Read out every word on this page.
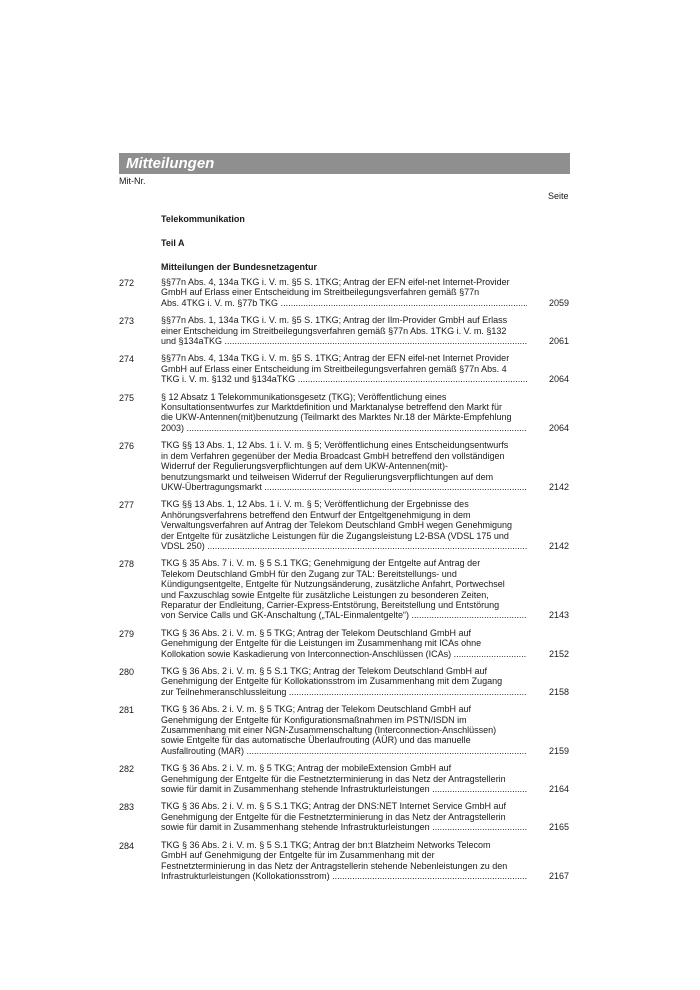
Mitteilungen
Mit-Nr.
Seite
Telekommunikation
Teil A
Mitteilungen der Bundesnetzagentur
272	§§77n Abs. 4, 134a TKG i. V. m. §5 S. 1TKG; Antrag der EFN eifel-net Internet-Provider
GmbH auf Erlass einer Entscheidung im Streitbeilegungsverfahren gemäß §77n
Abs. 4TKG i. V. m. §77b TKG .....	2059
273	§§77n Abs. 1, 134a TKG i. V. m. §5 S. 1TKG; Antrag der Ilm-Provider GmbH auf Erlass
einer Entscheidung im Streitbeilegungsverfahren gemäß §77n Abs. 1TKG i. V. m. §132
und §134aTKG .....	2061
274	§§77n Abs. 4, 134a TKG i. V. m. §5 S. 1TKG; Antrag der EFN eifel-net Internet Provider
GmbH auf Erlass einer Entscheidung im Streitbeilegungsverfahren gemäß §77n Abs. 4
TKG i. V. m. §132 und §134aTKG .....	2064
275	§ 12 Absatz 1 Telekommunikationsgesetz (TKG); Veröffentlichung eines
Konsultationsentwurfes zur Marktdefinition und Marktanalyse betreffend den Markt für
die UKW-Antennen(mit)benutzung (Teilmarkt des Marktes Nr.18 der Märkte-Empfehlung
2003) .....	2064
276	TKG §§ 13 Abs. 1, 12 Abs. 1 i. V. m. § 5; Veröffentlichung eines Entscheidungsentwurfs
in dem Verfahren gegenüber der Media Broadcast GmbH betreffend den vollständigen
Widerruf der Regulierungsverpflichtungen auf dem UKW-Antennen(mit)-
benutzungsmarkt und teilweisen Widerruf der Regulierungsverpflichtungen auf dem
UKW-Übertragungsmarkt .....	2142
277	TKG §§ 13 Abs. 1, 12 Abs. 1 i. V. m. § 5; Veröffentlichung der Ergebnisse des
Anhörungsverfahrens betreffend den Entwurf der Entgeltgenehmigung in dem
Verwaltungsverfahren auf Antrag der Telekom Deutschland GmbH wegen Genehmigung
der Entgelte für zusätzliche Leistungen für die Zugangsleistung L2-BSA (VDSL 175 und
VDSL 250) .....	2142
278	TKG § 35 Abs. 7 i. V. m. § 5 S.1 TKG; Genehmigung der Entgelte auf Antrag der
Telekom Deutschland GmbH für den Zugang zur TAL: Bereitstellungs- und
Kündigungsentgelte, Entgelte für Nutzungsänderung, zusätzliche Anfahrt, Portwechsel
und Faxzuschlag sowie Entgelte für zusätzliche Leistungen zu besonderen Zeiten,
Reparatur der Endleitung, Carrier-Express-Entstörung, Bereitstellung und Entstörung
von Service Calls und GK-Anschaltung („TAL-Einmalentgelte“) .....	2143
279	TKG § 36 Abs. 2 i. V. m. § 5 TKG; Antrag der Telekom Deutschland GmbH auf
Genehmigung der Entgelte für die Leistungen im Zusammenhang mit ICAs ohne
Kollokation sowie Kaskadierung von Interconnection-Anschlüssen (ICAs) .....	2152
280	TKG § 36 Abs. 2 i. V. m. § 5 S.1 TKG; Antrag der Telekom Deutschland GmbH auf
Genehmigung der Entgelte für Kollokationsstrom im Zusammenhang mit dem Zugang
zur Teilnehmeranschlussleitung .....	2158
281	TKG § 36 Abs. 2 i. V. m. § 5 TKG; Antrag der Telekom Deutschland GmbH auf
Genehmigung der Entgelte für Konfigurationsmaßnahmen im PSTN/ISDN im
Zusammenhang mit einer NGN-Zusammenschaltung (Interconnection-Anschlüssen)
sowie Entgelte für das automatische Überlaufrouting (AÜR) und das manuelle
Ausfallrouting (MAR) .....	2159
282	TKG § 36 Abs. 2 i. V. m. § 5 TKG; Antrag der mobileExtension GmbH auf
Genehmigung der Entgelte für die Festnetzterminierung in das Netz der Antragstellerin
sowie für damit in Zusammenhang stehende Infrastrukturleistungen .....	2164
283	TKG § 36 Abs. 2 i. V. m. § 5 S.1 TKG; Antrag der DNS:NET Internet Service GmbH auf
Genehmigung der Entgelte für die Festnetzterminierung in das Netz der Antragstellerin
sowie für damit in Zusammenhang stehende Infrastrukturleistungen .....	2165
284	TKG § 36 Abs. 2 i. V. m. § 5 S.1 TKG; Antrag der bn:t Blatzheim Networks Telecom
GmbH auf Genehmigung der Entgelte für im Zusammenhang mit der
Festnetzterminierung in das Netz der Antragstellerin stehende Nebenleistungen zu den
Infrastrukturleistungen (Kollokationsstrom) .....	2167
